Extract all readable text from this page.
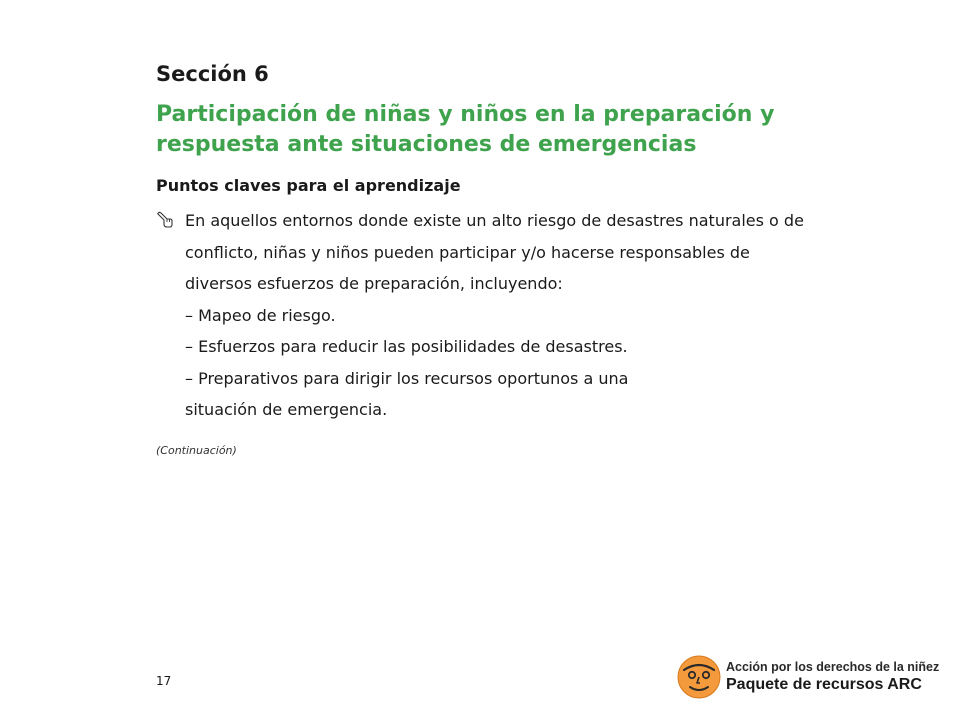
Sección 6
Participación de niñas y niños en la preparación y
respuesta ante situaciones de emergencias
Puntos claves para el aprendizaje
En aquellos entornos donde existe un alto riesgo de desastres naturales o de
conflicto, niñas y niños pueden participar y/o hacerse responsables de
diversos esfuerzos de preparación, incluyendo:
– Mapeo de riesgo.
– Esfuerzos para reducir las posibilidades de desastres.
– Preparativos para dirigir los recursos oportunos a una
situación de emergencia.

(Continuación)

17
Acción por los derechos de la niñez
Paquete de recursos ARC
